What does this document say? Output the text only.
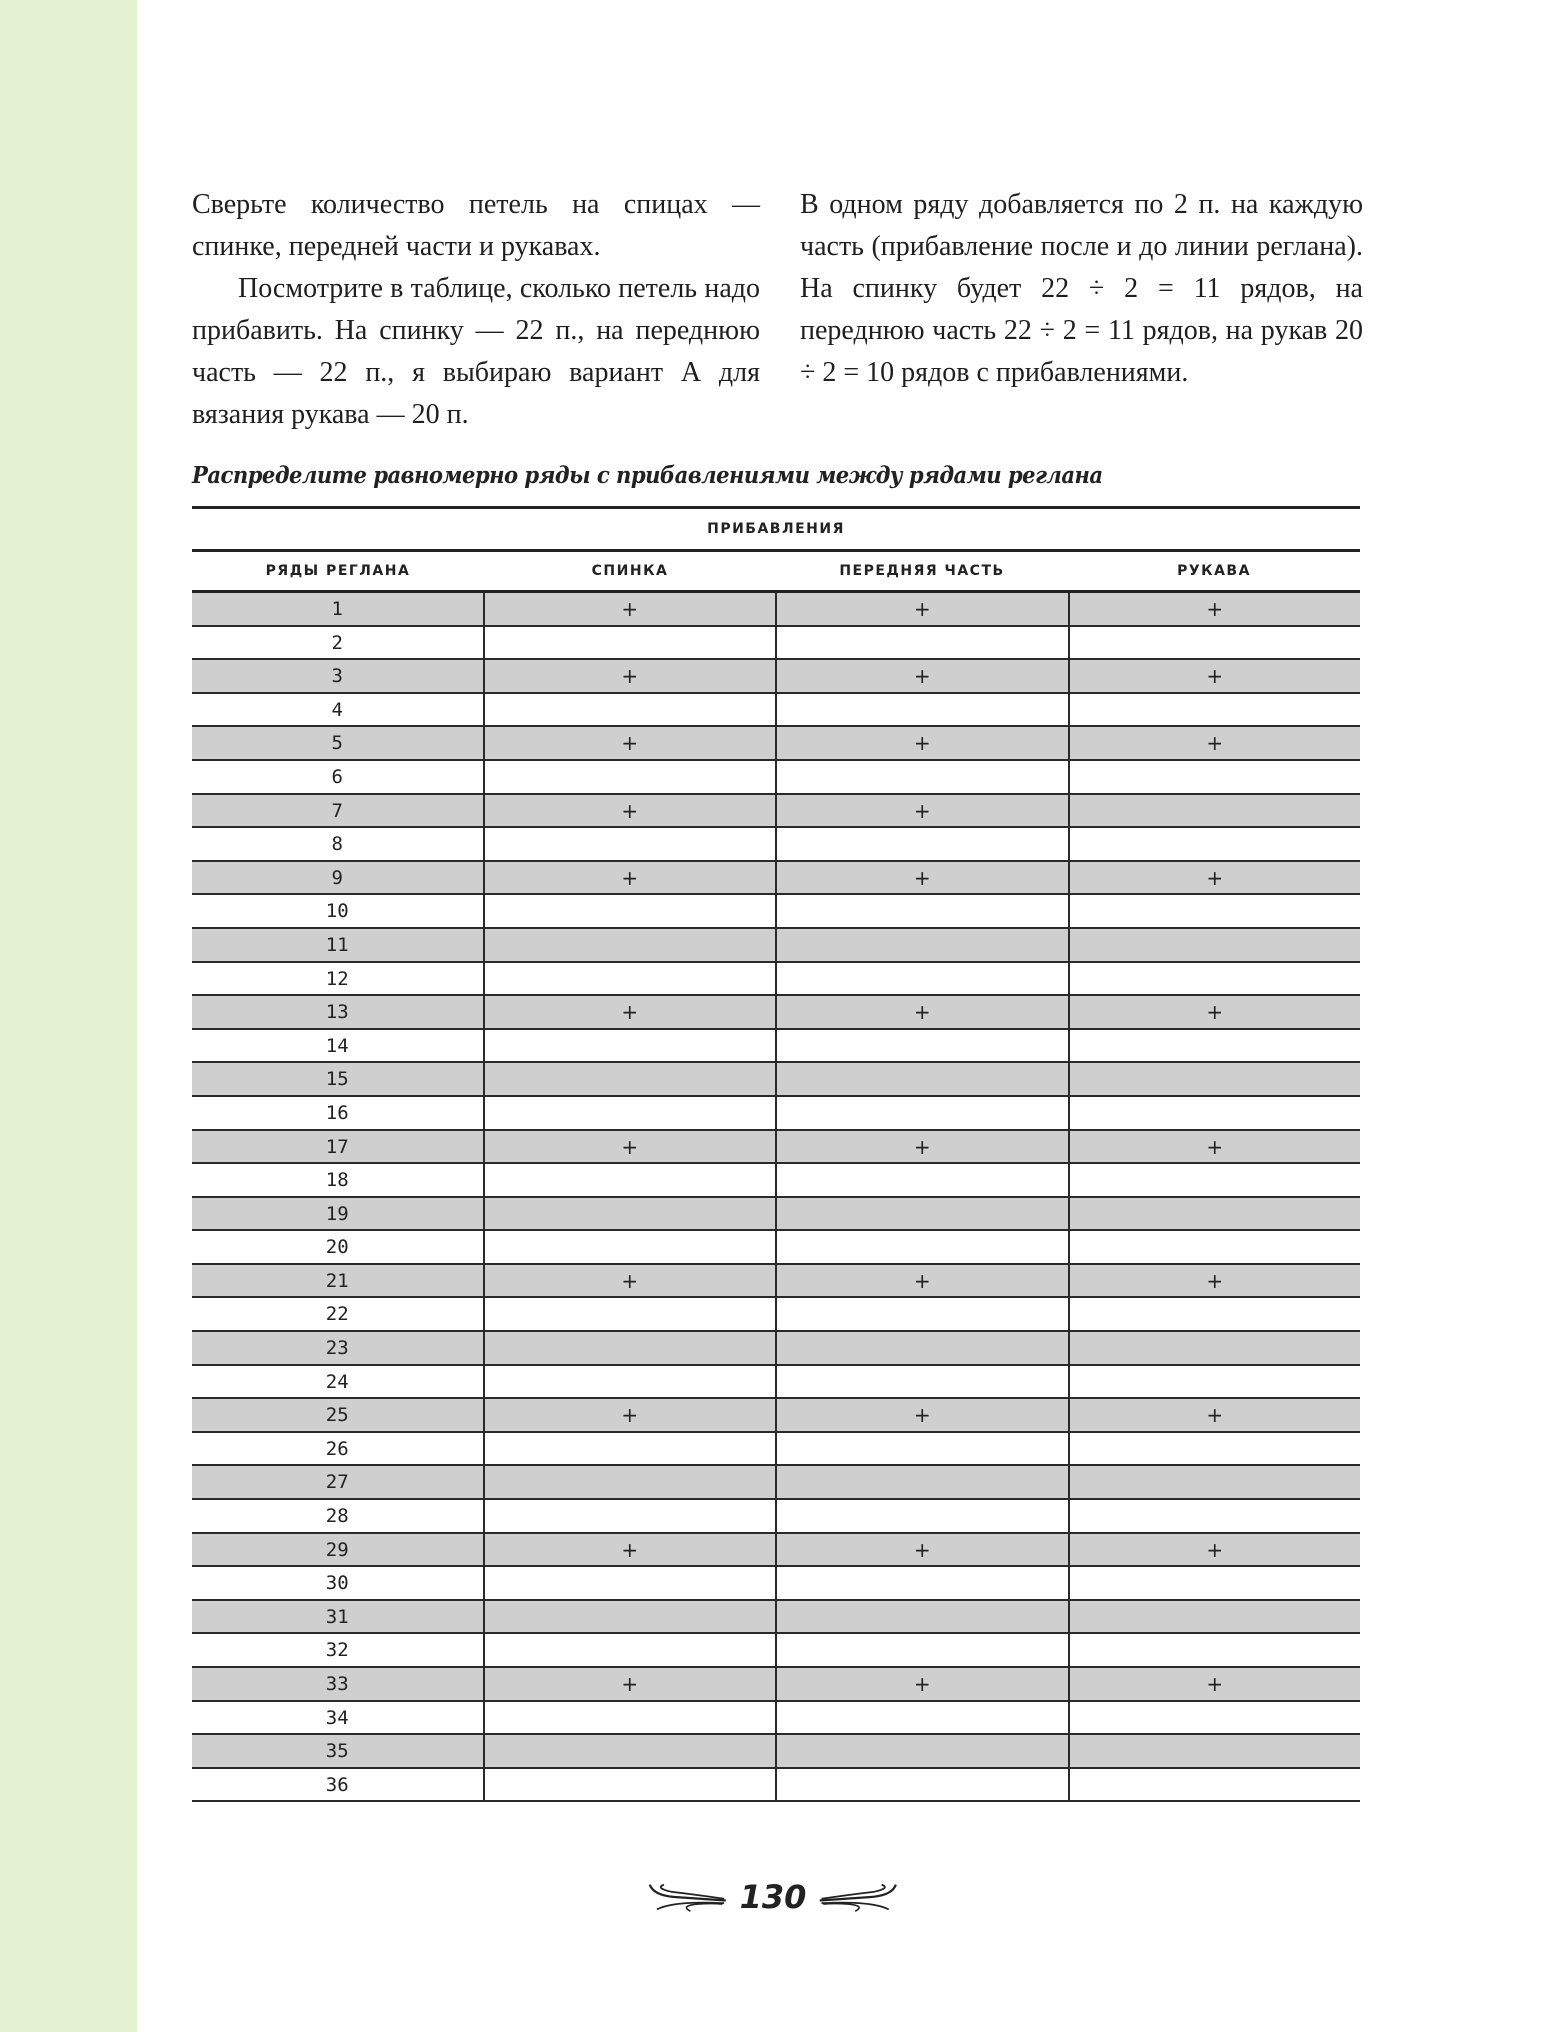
Сверьте количество петель на спицах — спинке, передней части и рукавах.

Посмотрите в таблице, сколько петель надо прибавить. На спинку — 22 п., на переднюю часть — 22 п., я выбираю вариант А для вязания рукава — 20 п.

В одном ряду добавляется по 2 п. на каждую часть (прибавление после и до линии реглана). На спинку будет 22 ÷ 2 = 11 рядов, на переднюю часть 22 ÷ 2 = 11 рядов, на рукав 20 ÷ 2 = 10 рядов с прибавлениями.

Распределите равномерно ряды с прибавлениями между рядами реглана
ПРИБАВЛЕНИЯ
РЯДЫ РЕГЛАНА	СПИНКА	ПЕРЕДНЯЯ ЧАСТЬ	РУКАВА
1	+	+	+
2
3	+	+	+
4
5	+	+	+
6
7	+	+
8
9	+	+	+
10
11
12
13	+	+	+
14
15
16
17	+	+	+
18
19
20
21	+	+	+
22
23
24
25	+	+	+
26
27
28
29	+	+	+
30
31
32
33	+	+	+
34
35
36
130
